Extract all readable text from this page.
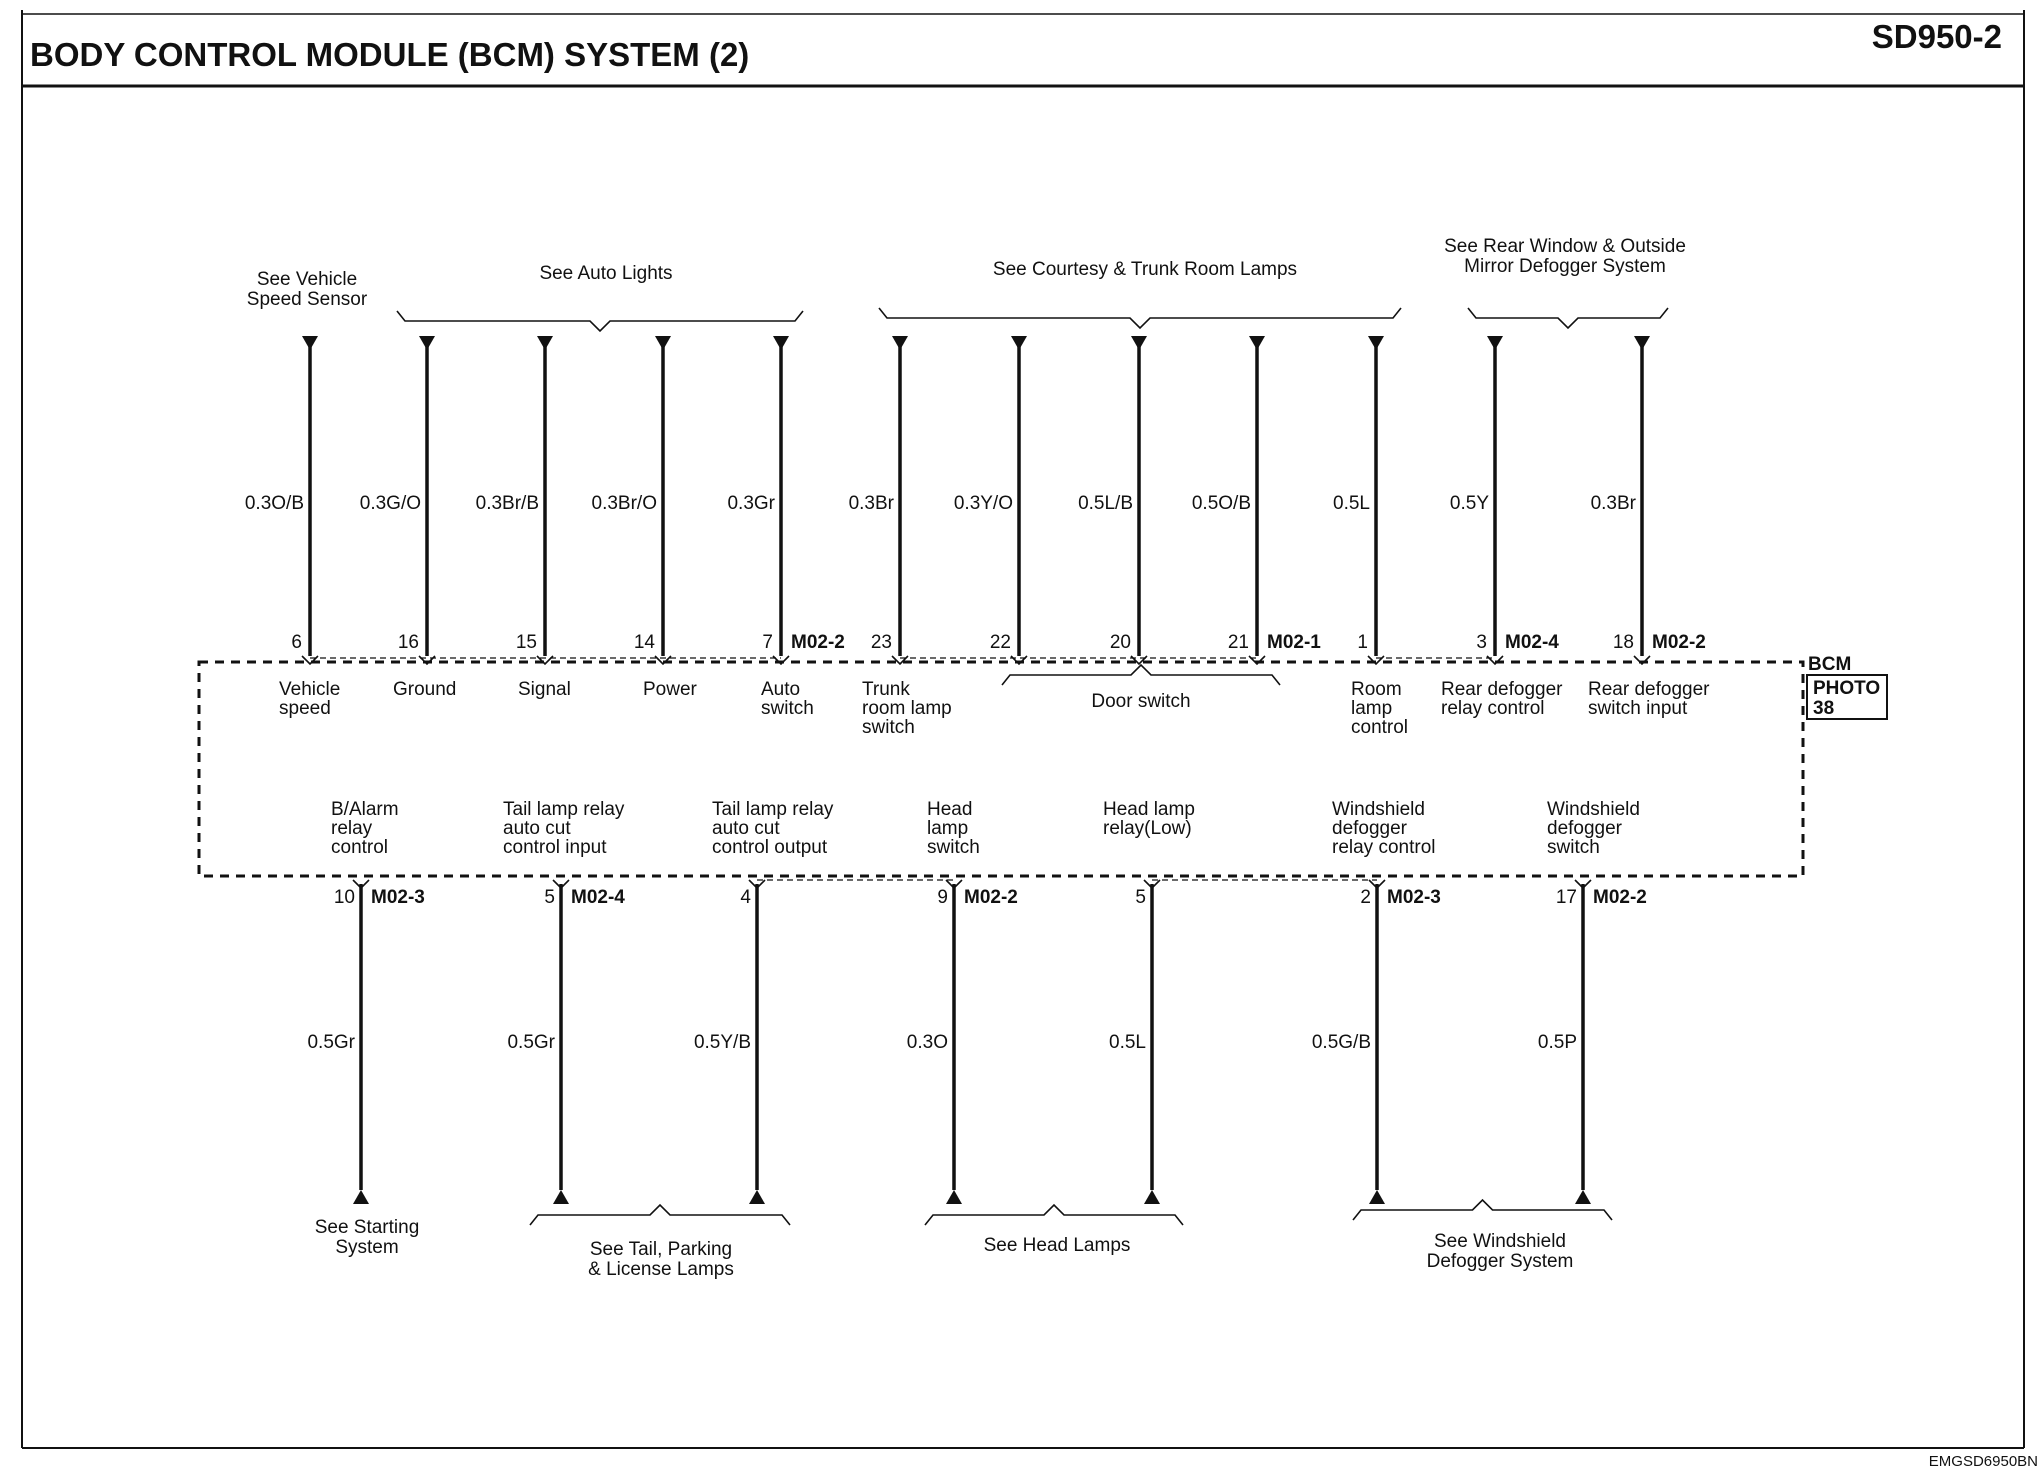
BODY CONTROL MODULE (BCM) SYSTEM (2)	SD950-2
BCM
PHOTO
38
0.3O/B
6
Vehicle
speed
0.3G/O
16
Ground
0.3Br/B
15
Signal
0.3Br/O
14
Power
0.3Gr
7 M02-2
Auto
switch
0.3Br
23
Trunk
room lamp
switch
0.3Y/O
22
0.5L/B
20
0.5O/B
21 M02-1
0.5L
1
Room
lamp
control
0.5Y
3 M02-4
Rear defogger
relay control
0.3Br
18 M02-2
Rear defogger
switch input
Door switch
B/Alarm
relay
control
10 M02-3
0.5Gr
Tail lamp relay
auto cut
control input
5 M02-4
0.5Gr
Tail lamp relay
auto cut
control output
4
0.5Y/B
Head
lamp
switch
9 M02-2
0.3O
Head lamp
relay(Low)
5
0.5L
Windshield
defogger
relay control
2 M02-3
0.5G/B
Windshield
defogger
switch
17 M02-2
0.5P
See Vehicle
Speed Sensor
See Auto Lights	See Courtesy & Trunk Room Lamps
See Rear Window & Outside
Mirror Defogger System
See Starting
System	See Tail, Parking
& License Lamps
See Head Lamps	See Windshield
Defogger System
EMGSD6950BN
